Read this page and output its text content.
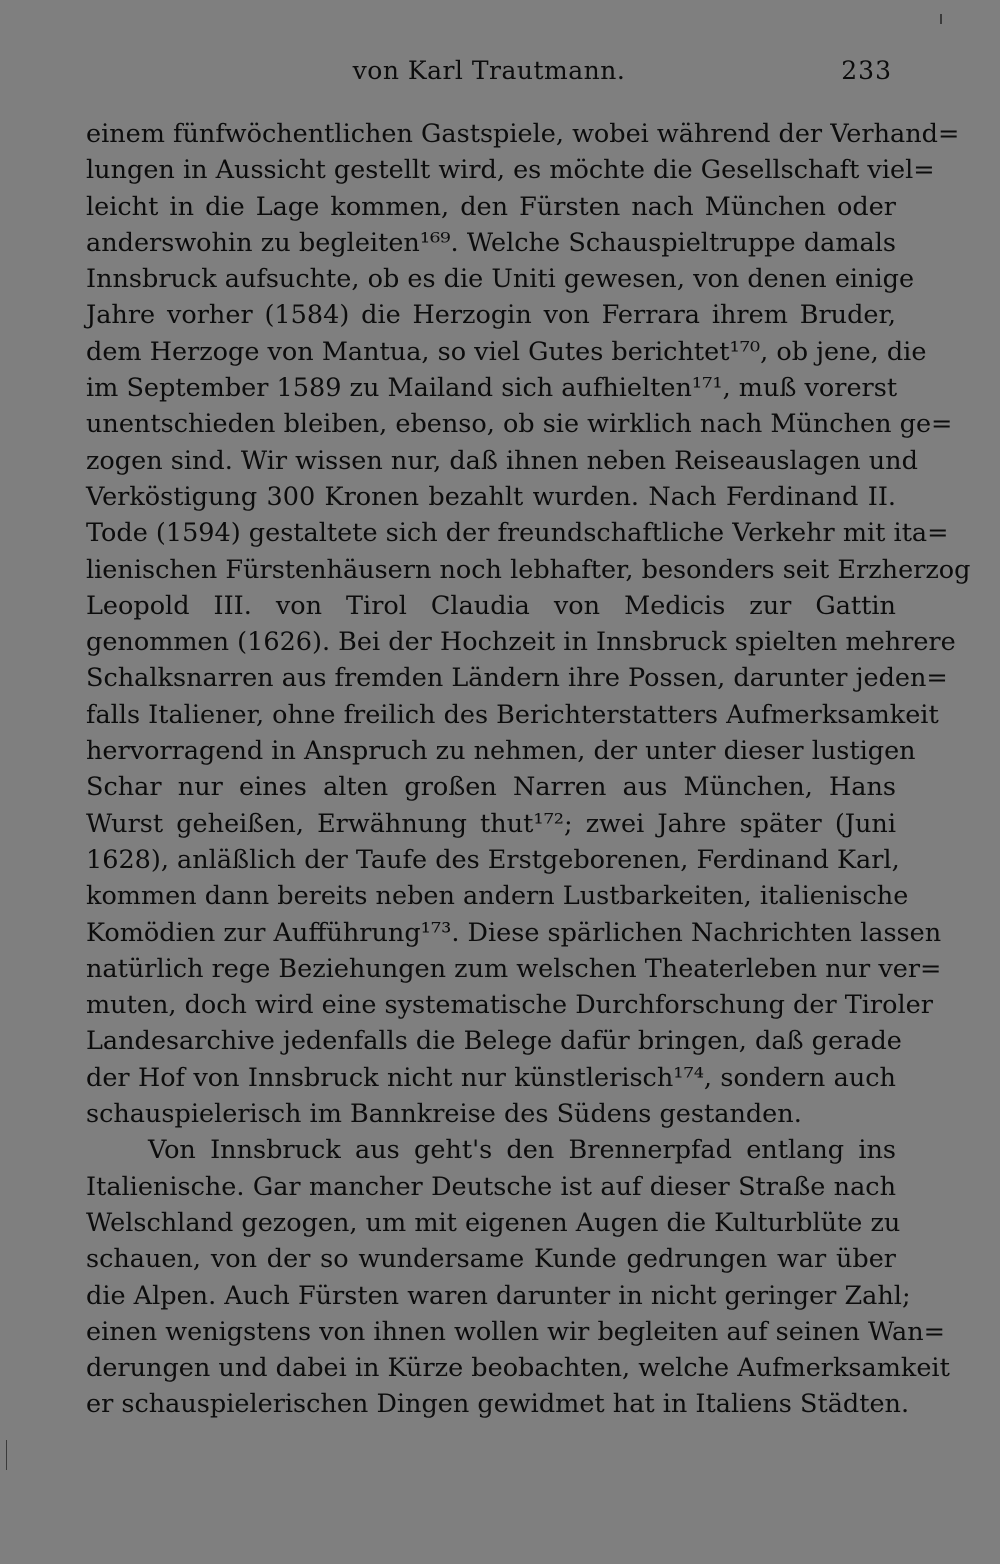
von Karl Trautmann.	233
einem fünfwöchentlichen Gastspiele, wobei während der Verhand=
lungen in Aussicht gestellt wird, es möchte die Gesellschaft viel=
leicht in die Lage kommen, den Fürsten nach München oder
anderswohin zu begleiten¹⁶⁹. Welche Schauspieltruppe damals
Innsbruck aufsuchte, ob es die Uniti gewesen, von denen einige
Jahre vorher (1584) die Herzogin von Ferrara ihrem Bruder,
dem Herzoge von Mantua, so viel Gutes berichtet¹⁷⁰, ob jene, die
im September 1589 zu Mailand sich aufhielten¹⁷¹, muß vorerst
unentschieden bleiben, ebenso, ob sie wirklich nach München ge=
zogen sind. Wir wissen nur, daß ihnen neben Reiseauslagen und
Verköstigung 300 Kronen bezahlt wurden. Nach Ferdinand II.
Tode (1594) gestaltete sich der freundschaftliche Verkehr mit ita=
lienischen Fürstenhäusern noch lebhafter, besonders seit Erzherzog
Leopold III. von Tirol Claudia von Medicis zur Gattin
genommen (1626). Bei der Hochzeit in Innsbruck spielten mehrere
Schalksnarren aus fremden Ländern ihre Possen, darunter jeden=
falls Italiener, ohne freilich des Berichterstatters Aufmerksamkeit
hervorragend in Anspruch zu nehmen, der unter dieser lustigen
Schar nur eines alten großen Narren aus München, Hans
Wurst geheißen, Erwähnung thut¹⁷²; zwei Jahre später (Juni
1628), anläßlich der Taufe des Erstgeborenen, Ferdinand Karl,
kommen dann bereits neben andern Lustbarkeiten, italienische
Komödien zur Aufführung¹⁷³. Diese spärlichen Nachrichten lassen
natürlich rege Beziehungen zum welschen Theaterleben nur ver=
muten, doch wird eine systematische Durchforschung der Tiroler
Landesarchive jedenfalls die Belege dafür bringen, daß gerade
der Hof von Innsbruck nicht nur künstlerisch¹⁷⁴, sondern auch
schauspielerisch im Bannkreise des Südens gestanden.
Von Innsbruck aus geht's den Brennerpfad entlang ins
Italienische. Gar mancher Deutsche ist auf dieser Straße nach
Welschland gezogen, um mit eigenen Augen die Kulturblüte zu
schauen, von der so wundersame Kunde gedrungen war über
die Alpen. Auch Fürsten waren darunter in nicht geringer Zahl;
einen wenigstens von ihnen wollen wir begleiten auf seinen Wan=
derungen und dabei in Kürze beobachten, welche Aufmerksamkeit
er schauspielerischen Dingen gewidmet hat in Italiens Städten.
